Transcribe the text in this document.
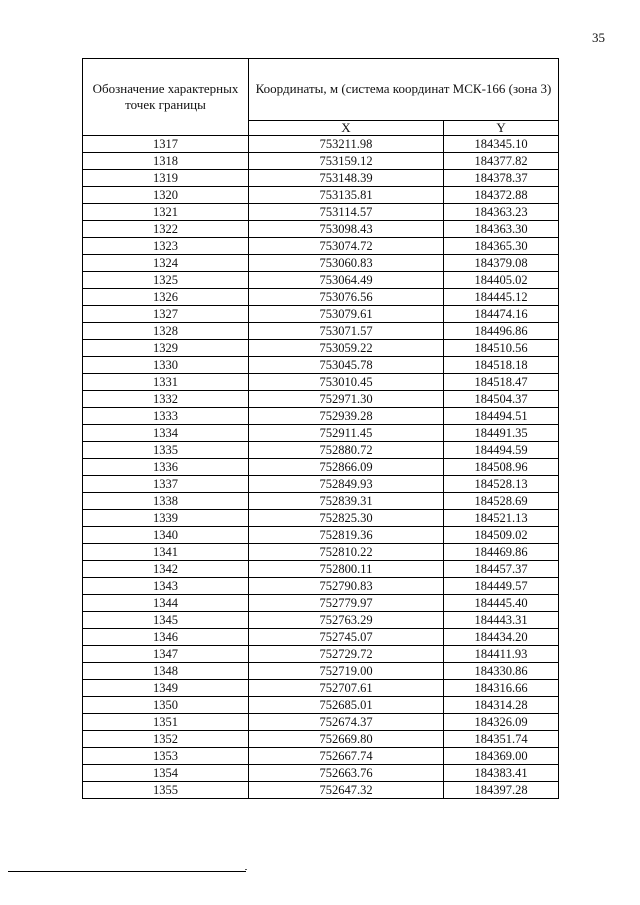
35
Обозначение характерных точек границы	Координаты, м (система координат МСК-166 (зона 3)	
	X	Y
1317	753211.98	184345.10
1318	753159.12	184377.82
1319	753148.39	184378.37
1320	753135.81	184372.88
1321	753114.57	184363.23
1322	753098.43	184363.30
1323	753074.72	184365.30
1324	753060.83	184379.08
1325	753064.49	184405.02
1326	753076.56	184445.12
1327	753079.61	184474.16
1328	753071.57	184496.86
1329	753059.22	184510.56
1330	753045.78	184518.18
1331	753010.45	184518.47
1332	752971.30	184504.37
1333	752939.28	184494.51
1334	752911.45	184491.35
1335	752880.72	184494.59
1336	752866.09	184508.96
1337	752849.93	184528.13
1338	752839.31	184528.69
1339	752825.30	184521.13
1340	752819.36	184509.02
1341	752810.22	184469.86
1342	752800.11	184457.37
1343	752790.83	184449.57
1344	752779.97	184445.40
1345	752763.29	184443.31
1346	752745.07	184434.20
1347	752729.72	184411.93
1348	752719.00	184330.86
1349	752707.61	184316.66
1350	752685.01	184314.28
1351	752674.37	184326.09
1352	752669.80	184351.74
1353	752667.74	184369.00
1354	752663.76	184383.41
1355	752647.32	184397.28
